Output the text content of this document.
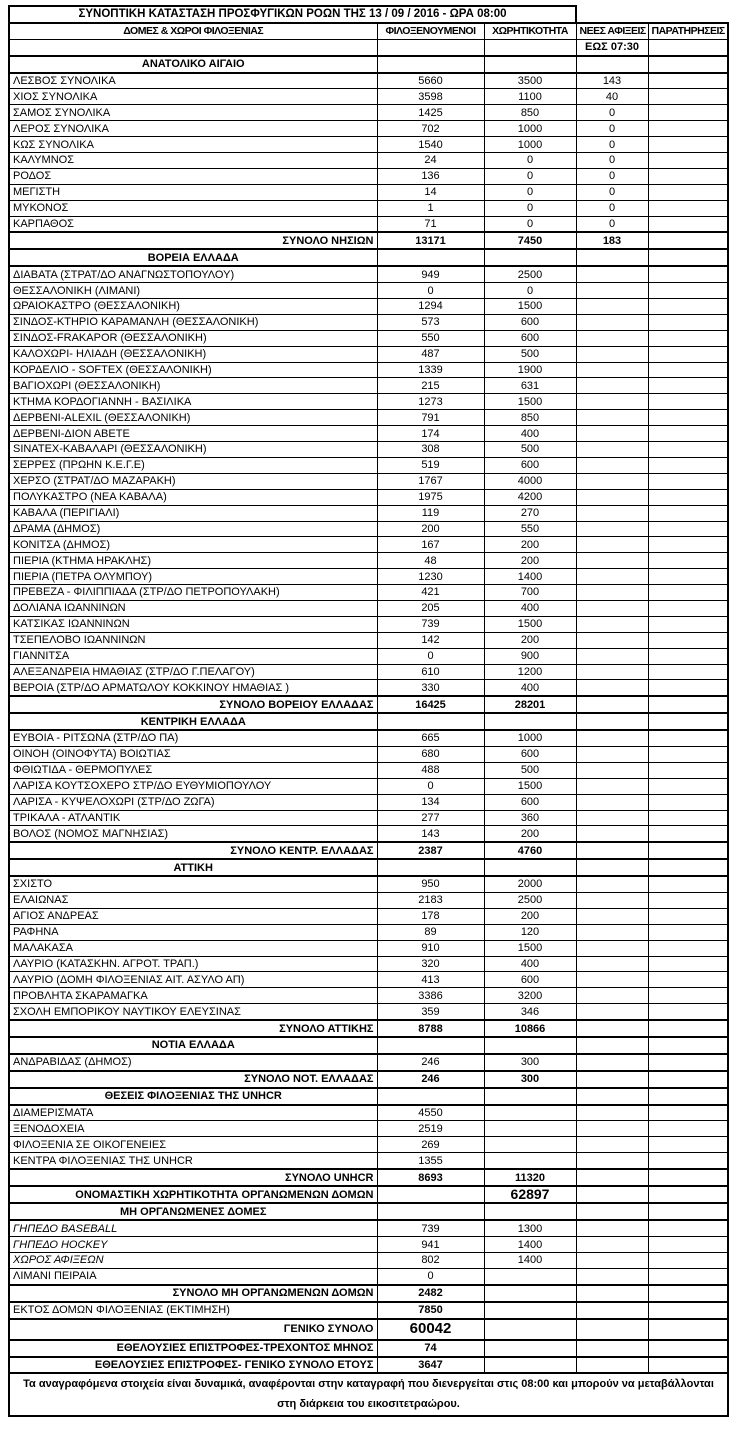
ΣΥΝΟΠΤΙΚΗ ΚΑΤΑΣΤΑΣΗ ΠΡΟΣΦΥΓΙΚΩΝ ΡΟΩΝ ΤΗΣ 13 / 09 / 2016 - ΩΡΑ 08:00				
ΔΟΜΕΣ & ΧΩΡΟΙ ΦΙΛΟΞΕΝΙΑΣ	ΦΙΛΟΞΕΝΟΥΜΕΝΟΙ	ΧΩΡΗΤΙΚΟΤΗΤΑ	ΝΕΕΣ ΑΦΙΞΕΙΣ	ΠΑΡΑΤΗΡΗΣΕΙΣ
			ΕΩΣ 07:30	
ΑΝΑΤΟΛΙΚΟ ΑΙΓΑΙΟ				
ΛΕΣΒΟΣ ΣΥΝΟΛΙΚΑ	5660	3500	143	
ΧΙΟΣ ΣΥΝΟΛΙΚΑ	3598	1100	40	
ΣΑΜΟΣ ΣΥΝΟΛΙΚΑ	1425	850	0	
ΛΕΡΟΣ ΣΥΝΟΛΙΚΑ	702	1000	0	
ΚΩΣ ΣΥΝΟΛΙΚΑ	1540	1000	0	
ΚΑΛΥΜΝΟΣ	24	0	0	
ΡΟΔΟΣ	136	0	0	
ΜΕΓΙΣΤΗ	14	0	0	
ΜΥΚΟΝΟΣ	1	0	0	
ΚΑΡΠΑΘΟΣ	71	0	0	
ΣΥΝΟΛΟ ΝΗΣΙΩΝ	13171	7450	183	
ΒΟΡΕΙΑ ΕΛΛΑΔΑ				
ΔΙΑΒΑΤΑ (ΣΤΡΑΤ/ΔΟ ΑΝΑΓΝΩΣΤΟΠΟΥΛΟΥ)	949	2500		
ΘΕΣΣΑΛΟΝΙΚΗ (ΛΙΜΑΝΙ)	0	0		
ΩΡΑΙΟΚΑΣΤΡΟ (ΘΕΣΣΑΛΟΝΙΚΗ)	1294	1500		
ΣΙΝΔΟΣ-ΚΤΗΡΙΟ ΚΑΡΑΜΑΝΛΗ (ΘΕΣΣΑΛΟΝΙΚΗ)	573	600		
ΣΙΝΔΟΣ-FRAKAPOR (ΘΕΣΣΑΛΟΝΙΚΗ)	550	600		
ΚΑΛΟΧΩΡΙ- ΗΛΙΑΔΗ (ΘΕΣΣΑΛΟΝΙΚΗ)	487	500		
ΚΟΡΔΕΛΙΟ - SOFTEX (ΘΕΣΣΑΛΟΝΙΚΗ)	1339	1900		
ΒΑΓΙΟΧΩΡΙ (ΘΕΣΣΑΛΟΝΙΚΗ)	215	631		
ΚΤΗΜΑ ΚΟΡΔΟΓΙΑΝΝΗ - ΒΑΣΙΛΙΚΑ	1273	1500		
ΔΕΡΒΕΝΙ-ALEXIL (ΘΕΣΣΑΛΟΝΙΚΗ)	791	850		
ΔΕΡΒΕΝΙ-ΔΙΟΝ ΑΒΕΤΕ	174	400		
SINATEX-ΚΑΒΑΛΑΡΙ (ΘΕΣΣΑΛΟΝΙΚΗ)	308	500		
ΣΕΡΡΕΣ (ΠΡΩΗΝ Κ.Ε.Γ.Ε)	519	600		
ΧΕΡΣΟ (ΣΤΡΑΤ/ΔΟ ΜΑΖΑΡΑΚΗ)	1767	4000		
ΠΟΛΥΚΑΣΤΡΟ (ΝΕΑ ΚΑΒΑΛΑ)	1975	4200		
ΚΑΒΑΛΑ (ΠΕΡΙΓΙΑΛΙ)	119	270		
ΔΡΑΜΑ (ΔΗΜΟΣ)	200	550		
ΚΟΝΙΤΣΑ (ΔΗΜΟΣ)	167	200		
ΠΙΕΡΙΑ (ΚΤΗΜΑ ΗΡΑΚΛΗΣ)	48	200		
ΠΙΕΡΙΑ (ΠΕΤΡΑ ΟΛΥΜΠΟΥ)	1230	1400		
ΠΡΕΒΕΖΑ - ΦΙΛΙΠΠΙΑΔΑ (ΣΤΡ/ΔΟ ΠΕΤΡΟΠΟΥΛΑΚΗ)	421	700		
ΔΟΛΙΑΝΑ ΙΩΑΝΝΙΝΩΝ	205	400		
ΚΑΤΣΙΚΑΣ ΙΩΑΝΝΙΝΩΝ	739	1500		
ΤΣΕΠΕΛΟΒΟ ΙΩΑΝΝΙΝΩΝ	142	200		
ΓΙΑΝΝΙΤΣΑ	0	900		
ΑΛΕΞΑΝΔΡΕΙΑ ΗΜΑΘΙΑΣ (ΣΤΡ/ΔΟ Γ.ΠΕΛΑΓΟΥ)	610	1200		
ΒΕΡΟΙΑ (ΣΤΡ/ΔΟ ΑΡΜΑΤΩΛΟΥ ΚΟΚΚΙΝΟΥ ΗΜΑΘΙΑΣ )	330	400		
ΣΥΝΟΛΟ ΒΟΡΕΙΟΥ ΕΛΛΑΔΑΣ	16425	28201		
ΚΕΝΤΡΙΚΗ ΕΛΛΑΔΑ				
ΕΥΒΟΙΑ - ΡΙΤΣΩΝΑ (ΣΤΡ/ΔΟ ΠΑ)	665	1000		
ΟΙΝΟΗ (ΟΙΝΟΦΥΤΑ) ΒΟΙΩΤΙΑΣ	680	600		
ΦΘΙΩΤΙΔΑ - ΘΕΡΜΟΠΥΛΕΣ	488	500		
ΛΑΡΙΣΑ ΚΟΥΤΣΟΧΕΡΟ ΣΤΡ/ΔΟ ΕΥΘΥΜΙΟΠΟΥΛΟΥ	0	1500		
ΛΑΡΙΣΑ - ΚΥΨΕΛΟΧΩΡΙ (ΣΤΡ/ΔΟ ΖΩΓΑ)	134	600		
ΤΡΙΚΑΛΑ - ΑΤΛΑΝΤΙΚ	277	360		
ΒΟΛΟΣ (ΝΟΜΟΣ ΜΑΓΝΗΣΙΑΣ)	143	200		
ΣΥΝΟΛΟ ΚΕΝΤΡ. ΕΛΛΑΔΑΣ	2387	4760		
ΑΤΤΙΚΗ				
ΣΧΙΣΤΟ	950	2000		
ΕΛΑΙΩΝΑΣ	2183	2500		
ΑΓΙΟΣ ΑΝΔΡΕΑΣ	178	200		
ΡΑΦΗΝΑ	89	120		
ΜΑΛΑΚΑΣΑ	910	1500		
ΛΑΥΡΙΟ (ΚΑΤΑΣΚΗΝ. ΑΓΡΟΤ. ΤΡΑΠ.)	320	400		
ΛΑΥΡΙΟ (ΔΟΜΗ ΦΙΛΟΞΕΝΙΑΣ ΑΙΤ. ΑΣΥΛΟ ΑΠ)	413	600		
ΠΡΟΒΛΗΤΑ ΣΚΑΡΑΜΑΓΚΑ	3386	3200		
ΣΧΟΛΗ ΕΜΠΟΡΙΚΟΥ ΝΑΥΤΙΚΟΥ ΕΛΕΥΣΙΝΑΣ	359	346		
ΣΥΝΟΛΟ ΑΤΤΙΚΗΣ	8788	10866		
ΝΟΤΙΑ ΕΛΛΑΔΑ				
ΑΝΔΡΑΒΙΔΑΣ (ΔΗΜΟΣ)	246	300		
ΣΥΝΟΛΟ ΝΟΤ. ΕΛΛΑΔΑΣ	246	300		
ΘΕΣΕΙΣ ΦΙΛΟΞΕΝΙΑΣ ΤΗΣ UNHCR				
ΔΙΑΜΕΡΙΣΜΑΤΑ	4550			
ΞΕΝΟΔΟΧΕΙΑ	2519			
ΦΙΛΟΞΕΝΙΑ ΣΕ ΟΙΚΟΓΕΝΕΙΕΣ	269			
ΚΕΝΤΡΑ ΦΙΛΟΞΕΝΙΑΣ ΤΗΣ UNHCR	1355			
ΣΥΝΟΛΟ UNHCR	8693	11320		
ΟΝΟΜΑΣΤΙΚΗ ΧΩΡΗΤΙΚΟΤΗΤΑ ΟΡΓΑΝΩΜΕΝΩΝ ΔΟΜΩΝ		62897		
ΜΗ ΟΡΓΑΝΩΜΕΝΕΣ ΔΟΜΕΣ				
ΓΗΠΕΔΟ BASEBALL	739	1300		
ΓΗΠΕΔΟ HOCKEY	941	1400		
ΧΩΡΟΣ ΑΦΙΞΕΩΝ	802	1400		
ΛΙΜΑΝΙ ΠΕΙΡΑΙΑ	0			
ΣΥΝΟΛΟ ΜΗ ΟΡΓΑΝΩΜΕΝΩΝ ΔΟΜΩΝ	2482			
ΕΚΤΟΣ ΔΟΜΩΝ ΦΙΛΟΞΕΝΙΑΣ (ΕΚΤΙΜΗΣΗ)	7850			
ΓΕΝΙΚΟ ΣΥΝΟΛΟ	60042			
ΕΘΕΛΟΥΣΙΕΣ ΕΠΙΣΤΡΟΦΕΣ-ΤΡΕΧΟΝΤΟΣ ΜΗΝΟΣ	74			
ΕΘΕΛΟΥΣΙΕΣ ΕΠΙΣΤΡΟΦΕΣ- ΓΕΝΙΚΟ ΣΥΝΟΛΟ ΕΤΟΥΣ	3647			
Τα αναγραφόμενα στοιχεία είναι δυναμικά, αναφέρονται στην καταγραφή που διενεργείται στις 08:00 και μπορούν να μεταβάλλονται στη διάρκεια του εικοσιτετραώρου.				
